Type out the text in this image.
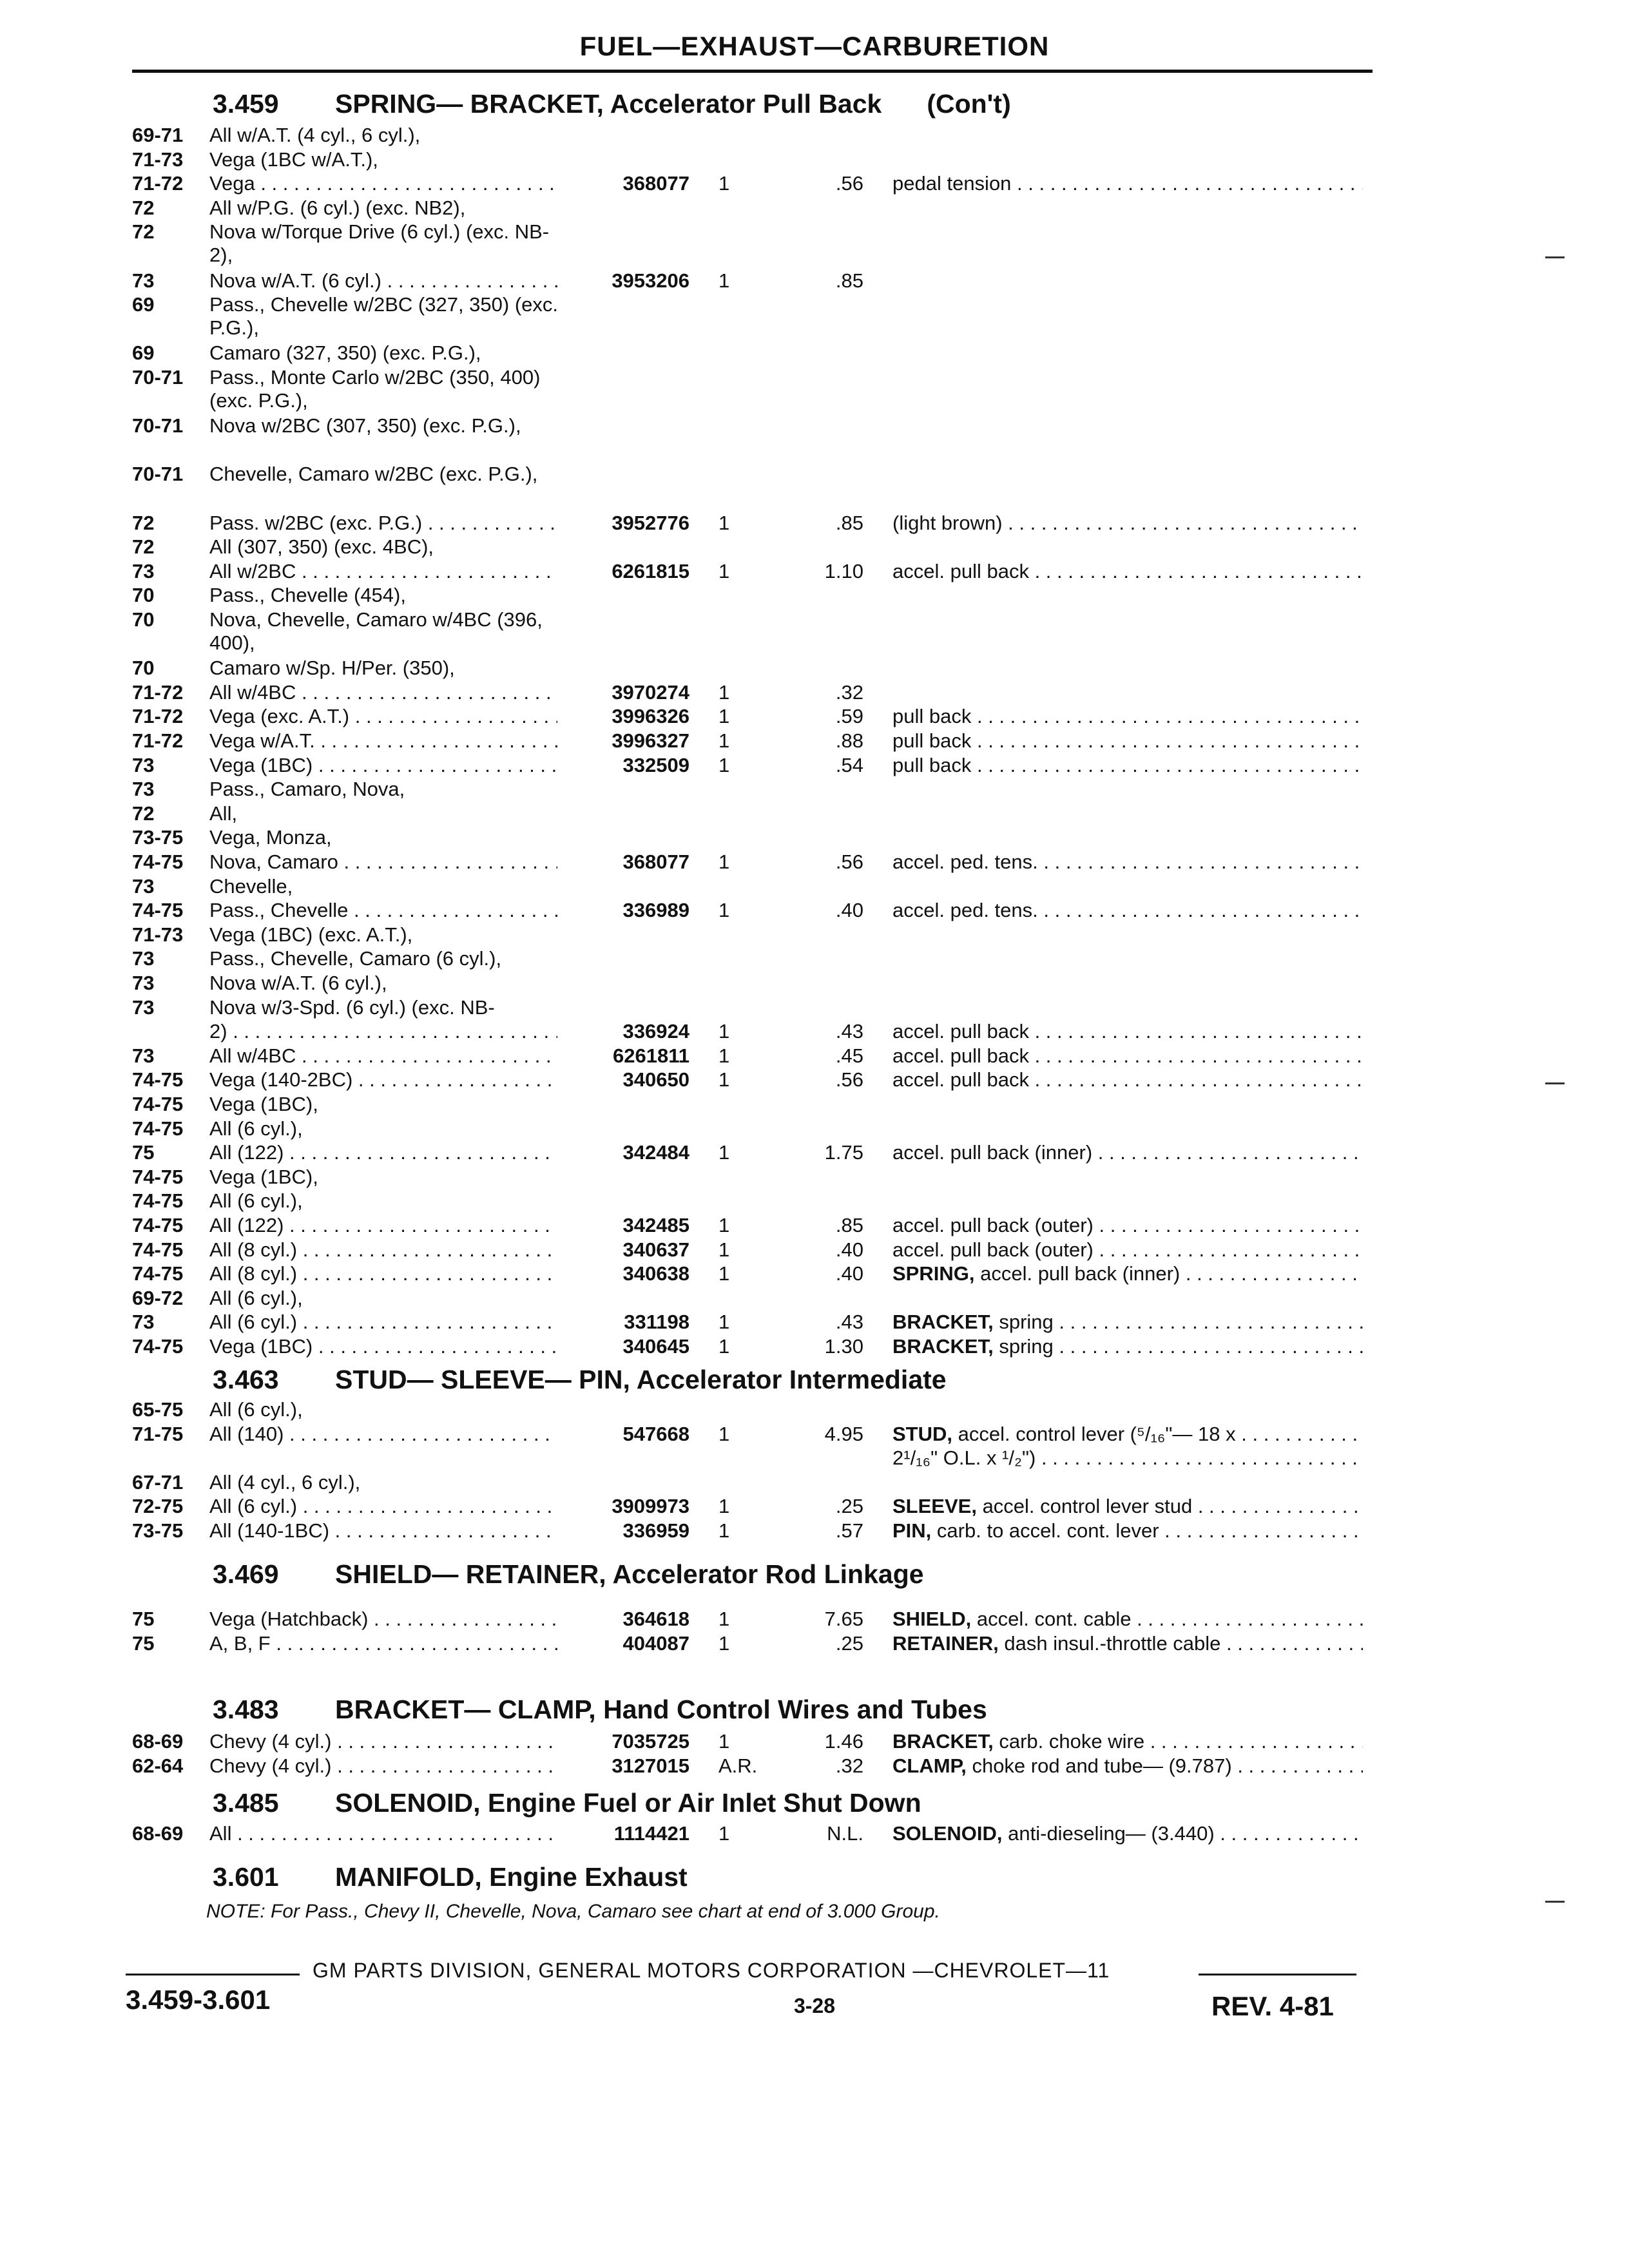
FUEL—EXHAUST—CARBURETION
3.459 SPRING— BRACKET, Accelerator Pull Back (Con't)
69-71 All w/A.T. (4 cyl., 6 cyl.),
71-73 Vega (1BC w/A.T.),
71-72 Vega . . .	368077 1	.56 pedal tension . . .
72	All w/P.G. (6 cyl.) (exc. NB2),
72	Nova w/Torque Drive (6 cyl.) (exc. NB-2),
73	Nova w/A.T. (6 cyl.) . . .	3953206 1	.85
69	Pass., Chevelle w/2BC (327, 350) (exc. P.G.),
69	Camaro (327, 350) (exc. P.G.),
70-71 Pass., Monte Carlo w/2BC (350, 400) (exc. P.G.),
70-71 Nova w/2BC (307, 350) (exc. P.G.),
70-71 Chevelle, Camaro w/2BC (exc. P.G.),
72	Pass. w/2BC (exc. P.G.) . . .	3952776 1	.85 (light brown) . . .
72	All (307, 350) (exc. 4BC),
73	All w/2BC . . .	6261815 1	1.10 accel. pull back . . .
70	Pass., Chevelle (454),
70	Nova, Chevelle, Camaro w/4BC (396, 400),
70	Camaro w/Sp. H/Per. (350),
71-72 All w/4BC . . .	3970274 1	.32
71-72 Vega (exc. A.T.) . . .	3996326 1	.59 pull back . . .
71-72 Vega w/A.T. . . .	3996327 1	.88 pull back . . .
73	Vega (1BC) . . .	332509 1	.54 pull back . . .
73	Pass., Camaro, Nova,
72	All,
73-75 Vega, Monza,
74-75 Nova, Camaro . . .	368077 1	.56 accel. ped. tens. . . .
73	Chevelle,
74-75 Pass., Chevelle . . .	336989 1	.40 accel. ped. tens. . . .
71-73 Vega (1BC) (exc. A.T.),
73	Pass., Chevelle, Camaro (6 cyl.),
73	Nova w/A.T. (6 cyl.),
73	Nova w/3-Spd. (6 cyl.) (exc. NB-
2) . . .	336924 1	.43 accel. pull back . . .
73	All w/4BC . . .	6261811 1	.45 accel. pull back . . .
74-75 Vega (140-2BC) . . .	340650 1	.56 accel. pull back . . .
74-75 Vega (1BC),
74-75 All (6 cyl.),
75	All (122) . . .	342484 1	1.75 accel. pull back (inner) . . .
74-75 Vega (1BC),
74-75 All (6 cyl.),
74-75 All (122) . . .	342485 1	.85 accel. pull back (outer) . . .
74-75 All (8 cyl.) . . .	340637 1	.40 accel. pull back (outer) . . .
74-75 All (8 cyl.) . . .	340638 1	.40 SPRING, accel. pull back (inner) . . .
69-72 All (6 cyl.),
73	All (6 cyl.) . . .	331198 1	.43 BRACKET, spring . . .
74-75 Vega (1BC) . . .	340645 1	1.30 BRACKET, spring . . .
3.463 STUD— SLEEVE— PIN, Accelerator Intermediate
65-75 All (6 cyl.),
71-75 All (140) . . .	547668 1	4.95 STUD, accel. control lever (⁵/₁₆"— 18 x . . .
2¹/₁₆" O.L. x ¹/₂") . . .
67-71 All (4 cyl., 6 cyl.),
72-75 All (6 cyl.) . . .	3909973 1	.25 SLEEVE, accel. control lever stud . . .
73-75 All (140-1BC) . . .	336959 1	.57 PIN, carb. to accel. cont. lever . . .
3.469 SHIELD— RETAINER, Accelerator Rod Linkage
75	Vega (Hatchback) . . .	364618 1	7.65 SHIELD, accel. cont. cable . . .
75	A, B, F . . .	404087 1	.25 RETAINER, dash insul.-throttle cable . . .
3.483 BRACKET— CLAMP, Hand Control Wires and Tubes
68-69 Chevy (4 cyl.) . . .	7035725 1	1.46 BRACKET, carb. choke wire . . .
62-64 Chevy (4 cyl.) . . .	3127015 A.R.	.32 CLAMP, choke rod and tube— (9.787) . . .
3.485 SOLENOID, Engine Fuel or Air Inlet Shut Down
68-69 All . . .	1114421 1	N.L. SOLENOID, anti-dieseling— (3.440) . . .
3.601 MANIFOLD, Engine Exhaust
NOTE: For Pass., Chevy II, Chevelle, Nova, Camaro see chart at end of 3.000 Group.
GM PARTS DIVISION, GENERAL MOTORS CORPORATION —CHEVROLET—11
3.459-3.601	3-28	REV. 4-81
